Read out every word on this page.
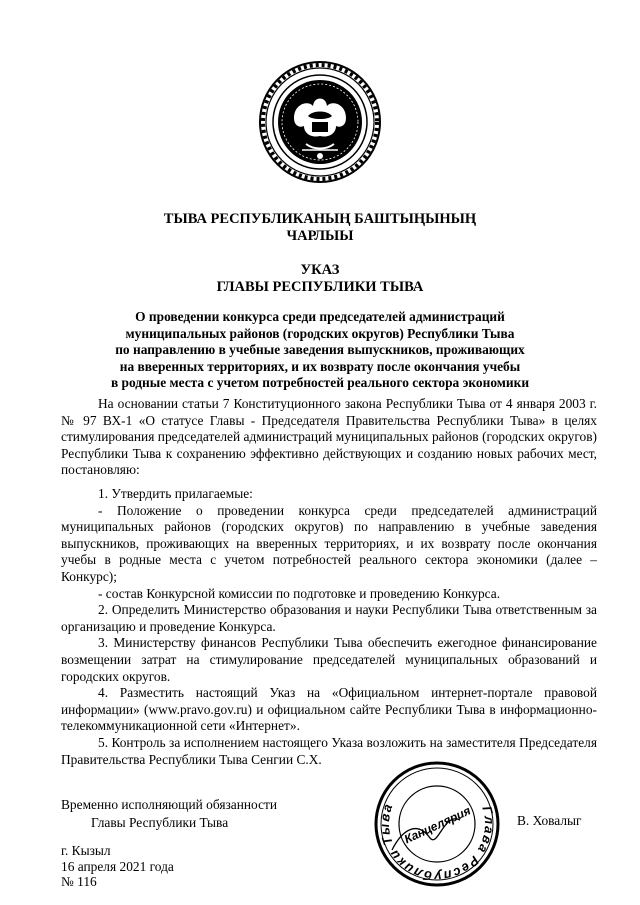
ТЫВА РЕСПУБЛИКАНЫҢ БАШТЫҢЫНЫҢ
ЧАРЛЫЫ
УКАЗ
ГЛАВЫ РЕСПУБЛИКИ ТЫВА
О проведении конкурса среди председателей администраций
муниципальных районов (городских округов) Республики Тыва
по направлению в учебные заведения выпускников, проживающих
на вверенных территориях, и их возврату после окончания учебы
в родные места с учетом потребностей реального сектора экономики

На основании статьи 7 Конституционного закона Республики Тыва от 4 января 2003 г. № 97 ВХ-1 «О статусе Главы - Председателя Правительства Республики Тыва» в целях стимулирования председателей администраций муниципальных районов (городских округов) Республики Тыва к сохранению эффективно действующих и созданию новых рабочих мест, постановляю:

1. Утвердить прилагаемые:

- Положение о проведении конкурса среди председателей администраций муниципальных районов (городских округов) по направлению в учебные заведения выпускников, проживающих на вверенных территориях, и их возврату после окончания учебы в родные места с учетом потребностей реального сектора экономики (далее – Конкурс);

- состав Конкурсной комиссии по подготовке и проведению Конкурса.

2. Определить Министерство образования и науки Республики Тыва ответственным за организацию и проведение Конкурса.

3. Министерству финансов Республики Тыва обеспечить ежегодное финансирование возмещении затрат на стимулирование председателей муниципальных образований и городских округов.

4. Разместить настоящий Указ на «Официальном интернет-портале правовой информации» (www.pravo.gov.ru) и официальном сайте Республики Тыва в информационно-телекоммуникационной сети «Интернет».

5. Контроль за исполнением настоящего Указа возложить на заместителя Председателя Правительства Республики Тыва Сенгии С.Х.

Временно исполняющий обязанности
Главы Республики Тыва
Глава Республики Тыва Канцелярия	В. Ховалыг
г. Кызыл
16 апреля 2021 года
№ 116
